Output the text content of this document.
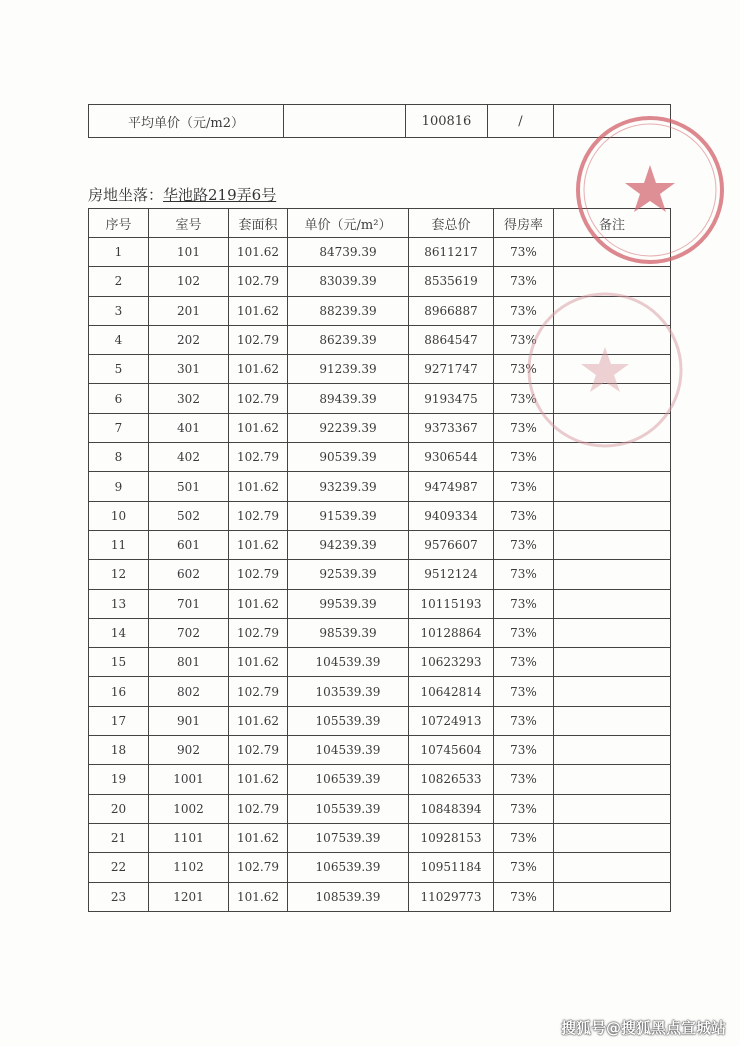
平均单价（元/m2）		100816	/	
房地坐落：华池路219弄6号
序号	室号	套面积	单价（元/m²）	套总价	得房率	备注
1	101	101.62	84739.39	8611217	73%	
2	102	102.79	83039.39	8535619	73%	
3	201	101.62	88239.39	8966887	73%	
4	202	102.79	86239.39	8864547	73%	
5	301	101.62	91239.39	9271747	73%	
6	302	102.79	89439.39	9193475	73%	
7	401	101.62	92239.39	9373367	73%	
8	402	102.79	90539.39	9306544	73%	
9	501	101.62	93239.39	9474987	73%	
10	502	102.79	91539.39	9409334	73%	
11	601	101.62	94239.39	9576607	73%	
12	602	102.79	92539.39	9512124	73%	
13	701	101.62	99539.39	10115193	73%	
14	702	102.79	98539.39	10128864	73%	
15	801	101.62	104539.39	10623293	73%	
16	802	102.79	103539.39	10642814	73%	
17	901	101.62	105539.39	10724913	73%	
18	902	102.79	104539.39	10745604	73%	
19	1001	101.62	106539.39	10826533	73%	
20	1002	102.79	105539.39	10848394	73%	
21	1101	101.62	107539.39	10928153	73%	
22	1102	102.79	106539.39	10951184	73%	
23	1201	101.62	108539.39	11029773	73%	
搜狐号@搜狐黑点宣城站
